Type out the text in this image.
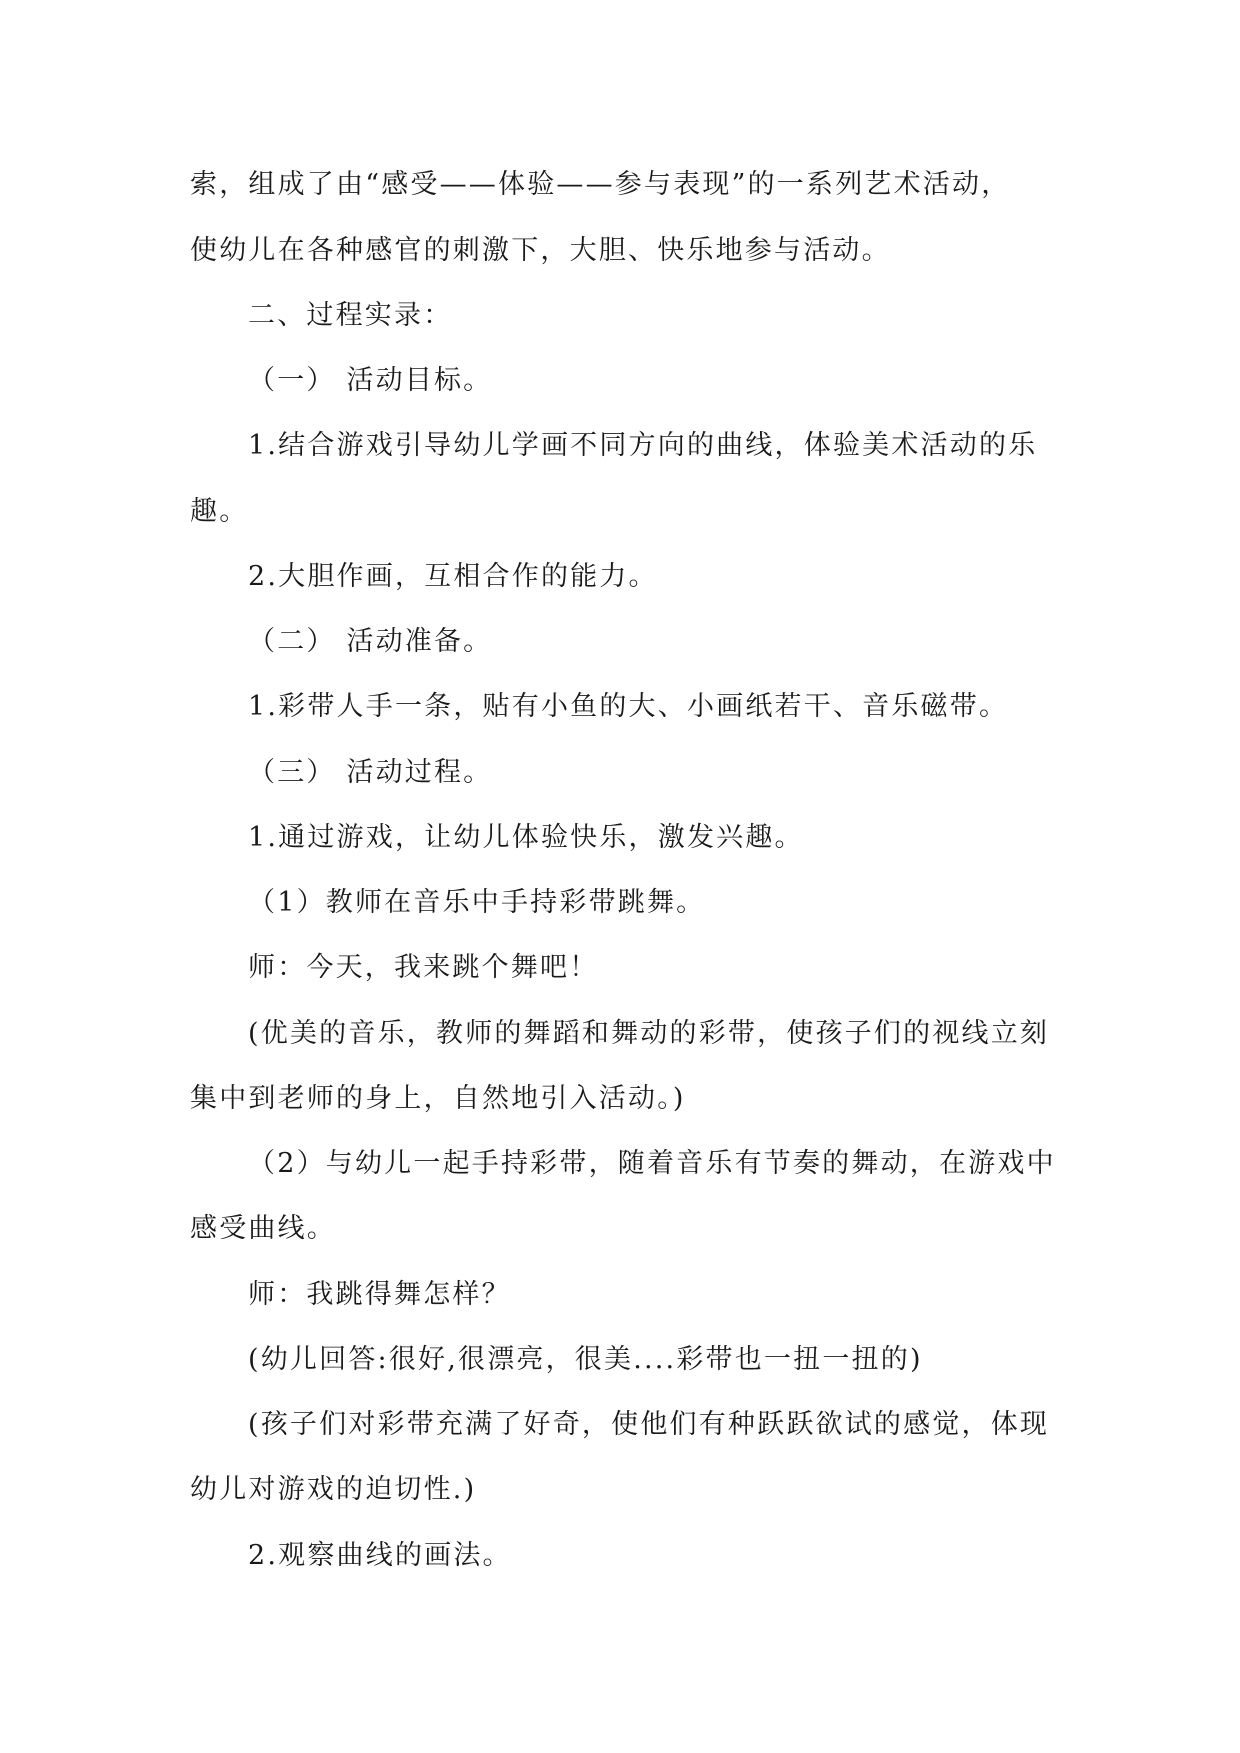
索，组成了由“感受——体验——参与表现”的一系列艺术活动，
使幼儿在各种感官的刺激下，大胆、快乐地参与活动。
二、过程实录：
（一） 活动目标。
1.结合游戏引导幼儿学画不同方向的曲线，体验美术活动的乐
趣。
2.大胆作画，互相合作的能力。
（二） 活动准备。
1.彩带人手一条，贴有小鱼的大、小画纸若干、音乐磁带。
（三） 活动过程。
1.通过游戏，让幼儿体验快乐，激发兴趣。
（1）教师在音乐中手持彩带跳舞。
师：今天，我来跳个舞吧！
(优美的音乐，教师的舞蹈和舞动的彩带，使孩子们的视线立刻
集中到老师的身上，自然地引入活动。)
（2）与幼儿一起手持彩带，随着音乐有节奏的舞动，在游戏中
感受曲线。
师：我跳得舞怎样？
(幼儿回答:很好,很漂亮，很美....彩带也一扭一扭的)
(孩子们对彩带充满了好奇，使他们有种跃跃欲试的感觉，体现
幼儿对游戏的迫切性.)
2.观察曲线的画法。
